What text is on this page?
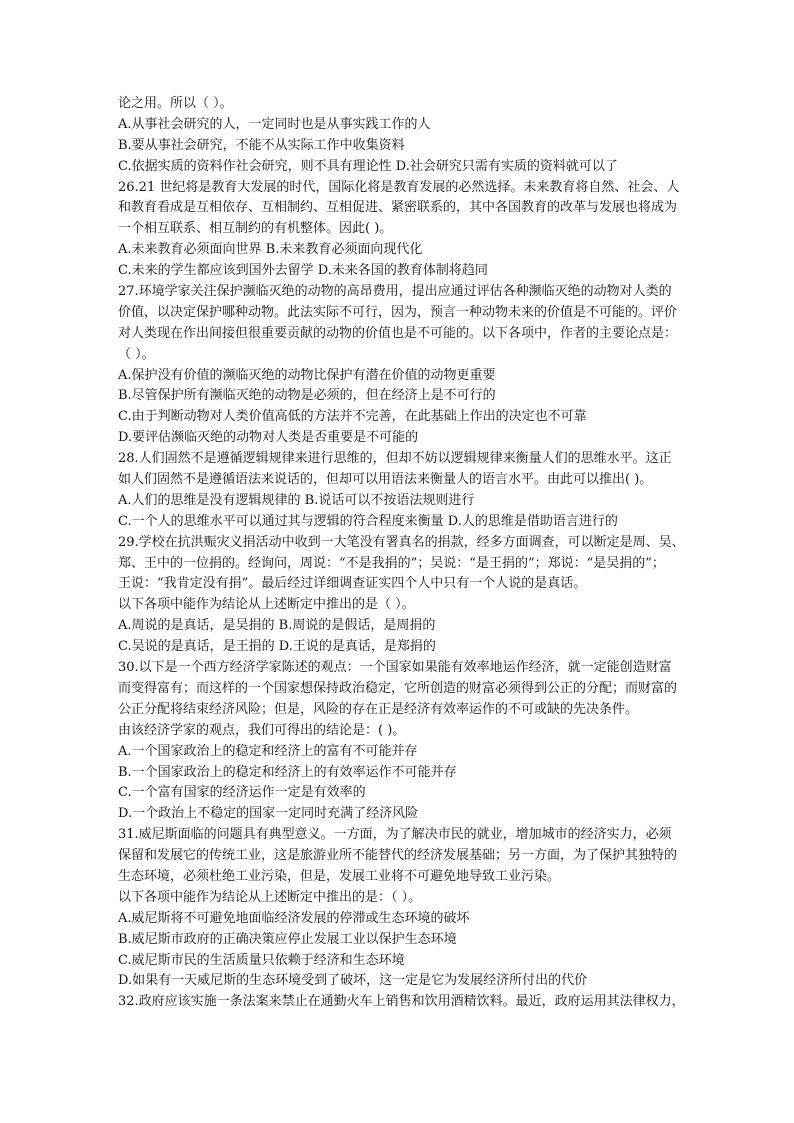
论之用。所以（ ）。
A.从事社会研究的人，一定同时也是从事实践工作的人
B.要从事社会研究，不能不从实际工作中收集资料
C.依据实质的资料作社会研究，则不具有理论性 D.社会研究只需有实质的资料就可以了
26.21 世纪将是教育大发展的时代，国际化将是教育发展的必然选择。未来教育将自然、社会、人
和教育看成是互相依存、互相制约、互相促进、紧密联系的，其中各国教育的改革与发展也将成为
一个相互联系、相互制约的有机整体。因此( )。
A.未来教育必须面向世界 B.未来教育必须面向现代化
C.未来的学生都应该到国外去留学 D.未来各国的教育体制将趋同
27.环境学家关注保护濒临灭绝的动物的高昂费用，提出应通过评估各种濒临灭绝的动物对人类的
价值，以决定保护哪种动物。此法实际不可行，因为，预言一种动物未来的价值是不可能的。评价
对人类现在作出间接但很重要贡献的动物的价值也是不可能的。以下各项中，作者的主要论点是：
（ ）。
A.保护没有价值的濒临灭绝的动物比保护有潜在价值的动物更重要
B.尽管保护所有濒临灭绝的动物是必须的，但在经济上是不可行的
C.由于判断动物对人类价值高低的方法并不完善，在此基础上作出的决定也不可靠
D.要评估濒临灭绝的动物对人类是否重要是不可能的
28.人们固然不是遵循逻辑规律来进行思维的，但却不妨以逻辑规律来衡量人们的思维水平。这正
如人们固然不是遵循语法来说话的，但却可以用语法来衡量人的语言水平。由此可以推出( )。
A.人们的思维是没有逻辑规律的 B.说话可以不按语法规则进行
C.一个人的思维水平可以通过其与逻辑的符合程度来衡量 D.人的思维是借助语言进行的
29.学校在抗洪赈灾义捐活动中收到一大笔没有署真名的捐款，经多方面调查，可以断定是周、吴、
郑、王中的一位捐的。经询问，周说：“不是我捐的”；吴说：“是王捐的”；郑说：“是吴捐的”；
王说：“我肯定没有捐”。最后经过详细调查证实四个人中只有一个人说的是真话。
以下各项中能作为结论从上述断定中推出的是（ ）。
A.周说的是真话，是吴捐的 B.周说的是假话，是周捐的
C.吴说的是真话，是王捐的 D.王说的是真话，是郑捐的
30.以下是一个西方经济学家陈述的观点：一个国家如果能有效率地运作经济，就一定能创造财富
而变得富有；而这样的一个国家想保持政治稳定，它所创造的财富必须得到公正的分配；而财富的
公正分配将结束经济风险；但是，风险的存在正是经济有效率运作的不可或缺的先决条件。
由该经济学家的观点，我们可得出的结论是：( )。
A.一个国家政治上的稳定和经济上的富有不可能并存
B.一个国家政治上的稳定和经济上的有效率运作不可能并存
C.一个富有国家的经济运作一定是有效率的
D.一个政治上不稳定的国家一定同时充满了经济风险
31.威尼斯面临的问题具有典型意义。一方面，为了解决市民的就业，增加城市的经济实力，必须
保留和发展它的传统工业，这是旅游业所不能替代的经济发展基础；另一方面，为了保护其独特的
生态环境，必须杜绝工业污染，但是，发展工业将不可避免地导致工业污染。
以下各项中能作为结论从上述断定中推出的是：（ ）。
A.威尼斯将不可避免地面临经济发展的停滞或生态环境的破坏
B.威尼斯市政府的正确决策应停止发展工业以保护生态环境
C.威尼斯市民的生活质量只依赖于经济和生态环境
D.如果有一天威尼斯的生态环境受到了破坏，这一定是它为发展经济所付出的代价
32.政府应该实施一条法案来禁止在通勤火车上销售和饮用酒精饮料。最近，政府运用其法律权力，
